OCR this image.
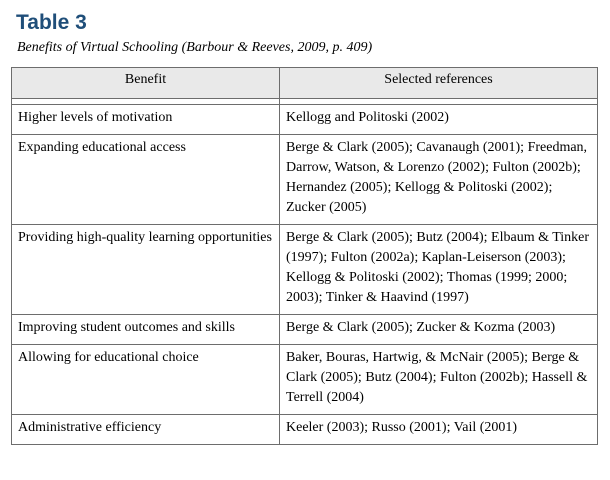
Table 3
Benefits of Virtual Schooling (Barbour & Reeves, 2009, p. 409)
Benefit	Selected references

Higher levels of motivation	Kellogg and Politoski (2002)
Expanding educational access	Berge & Clark (2005); Cavanaugh (2001); Freedman, Darrow, Watson, & Lorenzo (2002); Fulton (2002b); Hernandez (2005); Kellogg & Politoski (2002); Zucker (2005)
Providing high-quality learning opportunities	Berge & Clark (2005); Butz (2004); Elbaum & Tinker (1997); Fulton (2002a); Kaplan-Leiserson (2003); Kellogg & Politoski (2002); Thomas (1999; 2000; 2003); Tinker & Haavind (1997)
Improving student outcomes and skills	Berge & Clark (2005); Zucker & Kozma (2003)
Allowing for educational choice	Baker, Bouras, Hartwig, & McNair (2005); Berge & Clark (2005); Butz (2004); Fulton (2002b); Hassell & Terrell (2004)
Administrative efficiency	Keeler (2003); Russo (2001); Vail (2001)
